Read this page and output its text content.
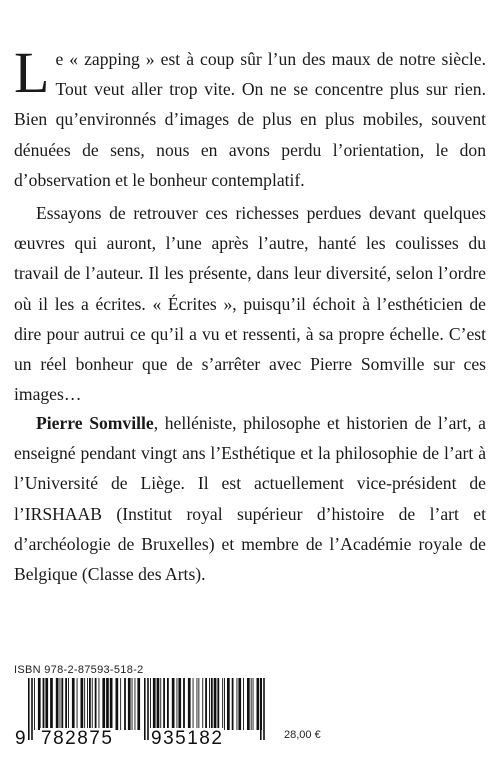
Le « zapping » est à coup sûr l’un des maux de notre siècle. Tout veut aller trop vite. On ne se concentre plus sur rien. Bien qu’environnés d’images de plus en plus mobiles, souvent dénuées de sens, nous en avons perdu l’orientation, le don d’observation et le bonheur contemplatif.

Essayons de retrouver ces richesses perdues devant quelques œuvres qui auront, l’une après l’autre, hanté les coulisses du travail de l’auteur. Il les présente, dans leur diversité, selon l’ordre où il les a écrites. « Écrites », puisqu’il échoit à l’esthéticien de dire pour autrui ce qu’il a vu et ressenti, à sa propre échelle. C’est un réel bonheur que de s’arrêter avec Pierre Somville sur ces images…

Pierre Somville, helléniste, philosophe et historien de l’art, a enseigné pendant vingt ans l’Esthétique et la philosophie de l’art à l’Université de Liège. Il est actuellement vice-président de l’IRSHAAB (Institut royal supérieur d’histoire de l’art et d’archéologie de Bruxelles) et membre de l’Académie royale de Belgique (Classe des Arts).

ISBN 978-2-87593-518-2
9 782875 935182	28,00 €
